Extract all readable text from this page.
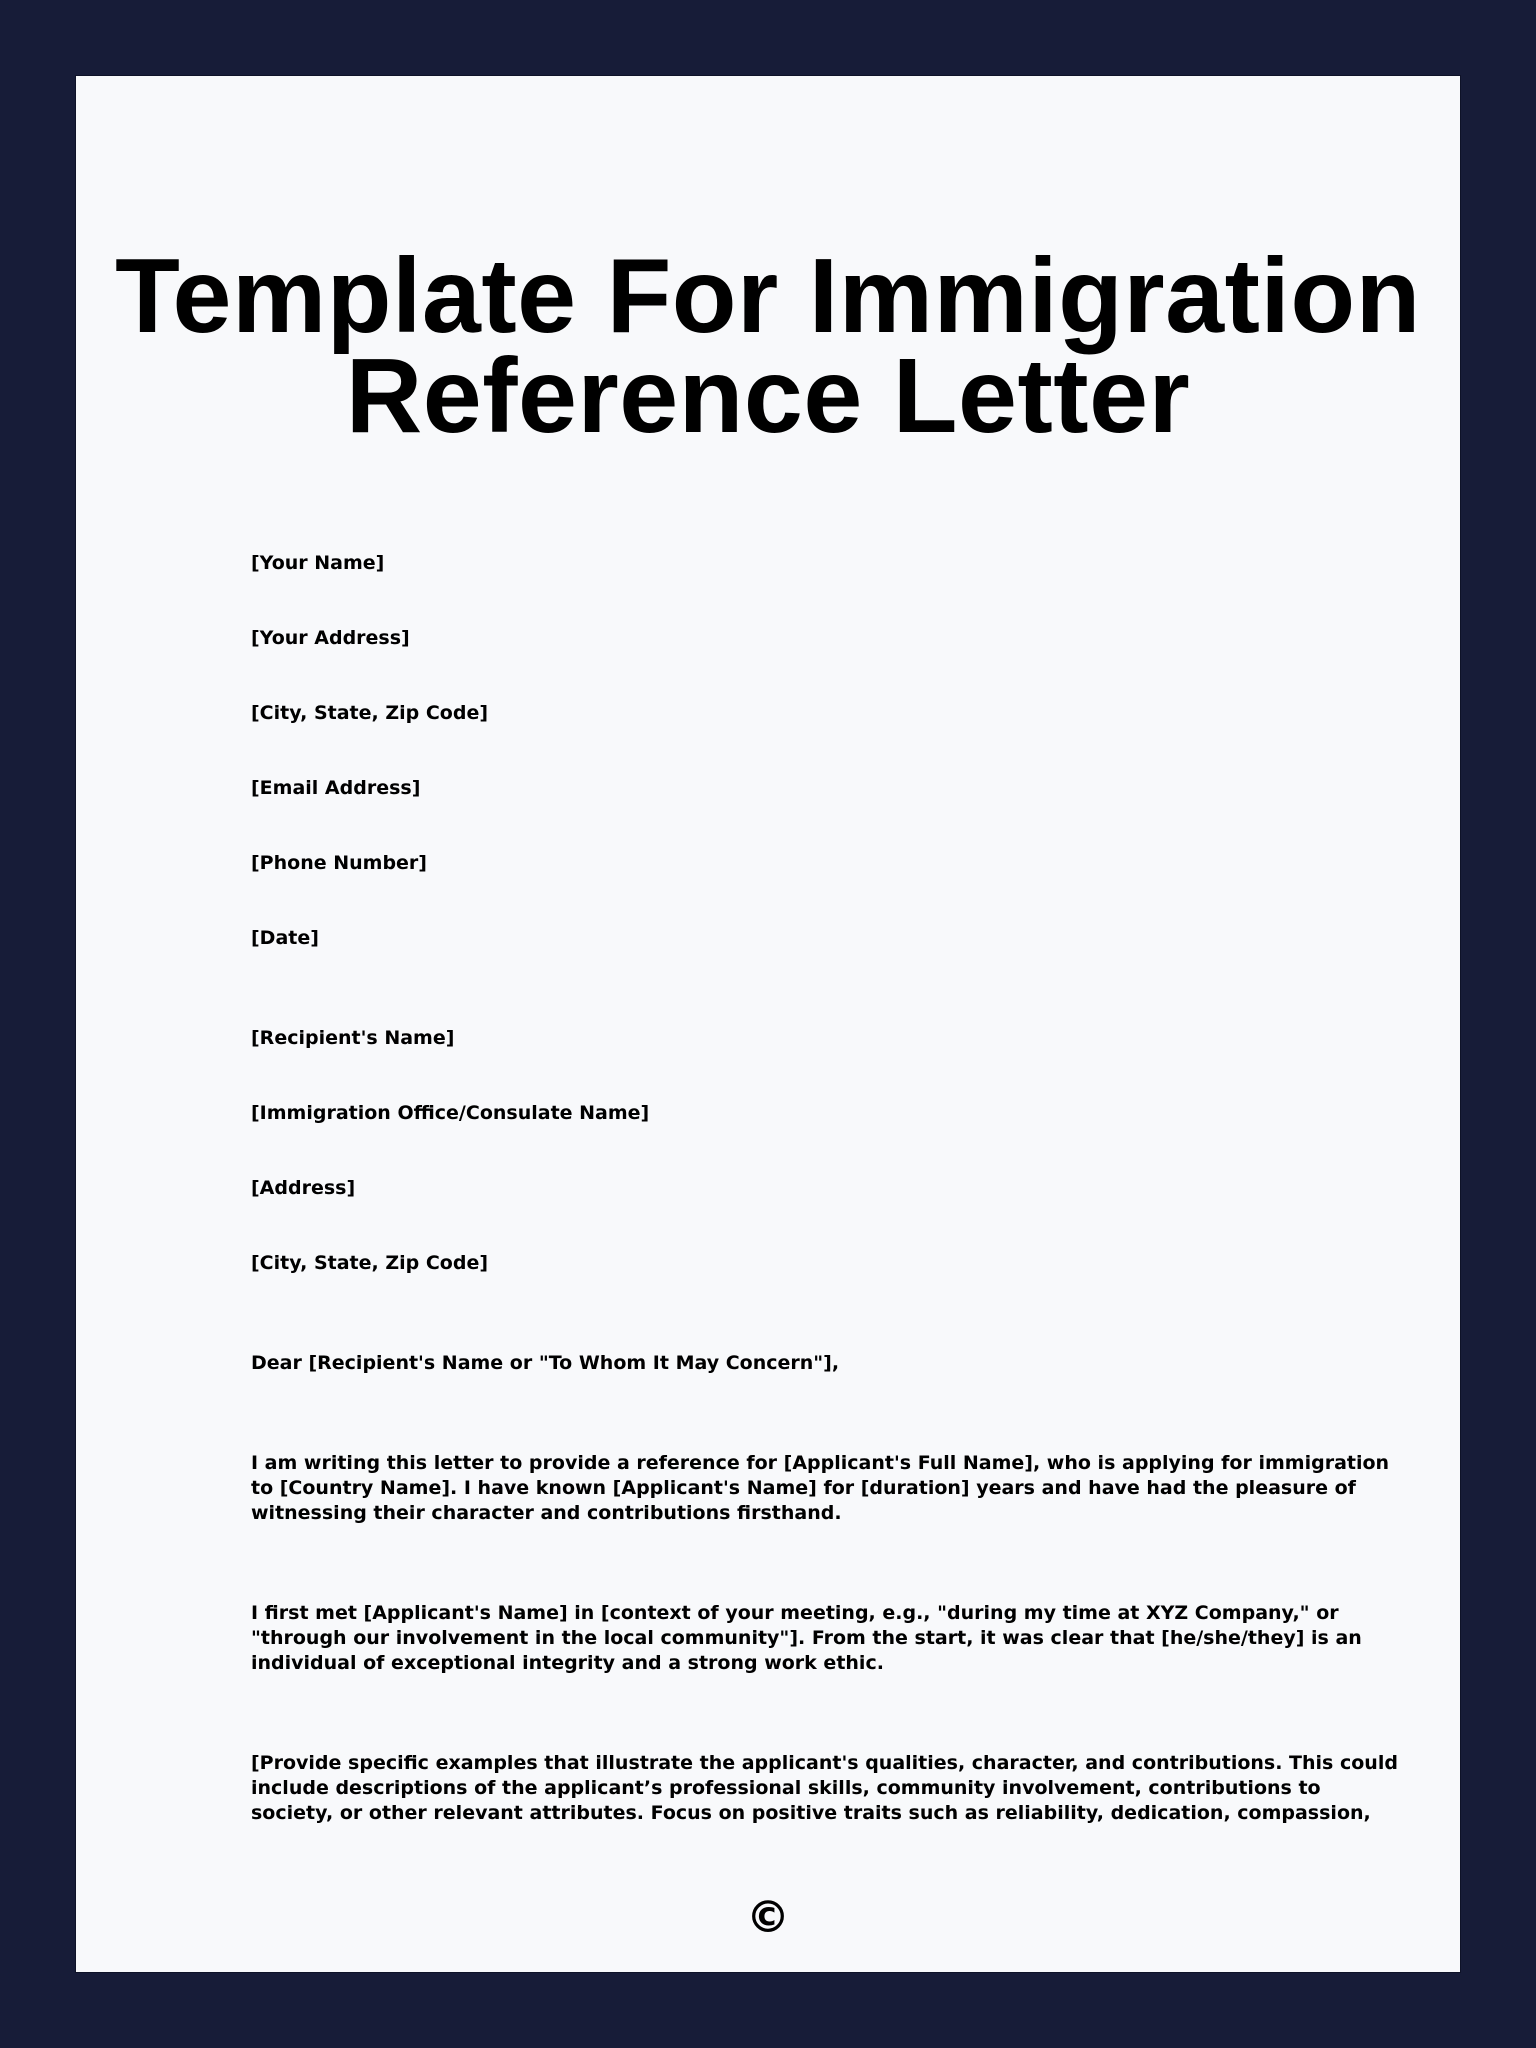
Template For Immigration
Reference Letter

[Your Name]

[Your Address]

[City, State, Zip Code]

[Email Address]

[Phone Number]

[Date]

[Recipient's Name]

[Immigration Office/Consulate Name]

[Address]

[City, State, Zip Code]

Dear [Recipient's Name or "To Whom It May Concern"],

I am writing this letter to provide a reference for [Applicant's Full Name], who is applying for immigration
to [Country Name]. I have known [Applicant's Name] for [duration] years and have had the pleasure of
witnessing their character and contributions firsthand.
I first met [Applicant's Name] in [context of your meeting, e.g., "during my time at XYZ Company," or
"through our involvement in the local community"]. From the start, it was clear that [he/she/they] is an
individual of exceptional integrity and a strong work ethic.
[Provide specific examples that illustrate the applicant's qualities, character, and contributions. This could
include descriptions of the applicant’s professional skills, community involvement, contributions to
society, or other relevant attributes. Focus on positive traits such as reliability, dedication, compassion,
©
